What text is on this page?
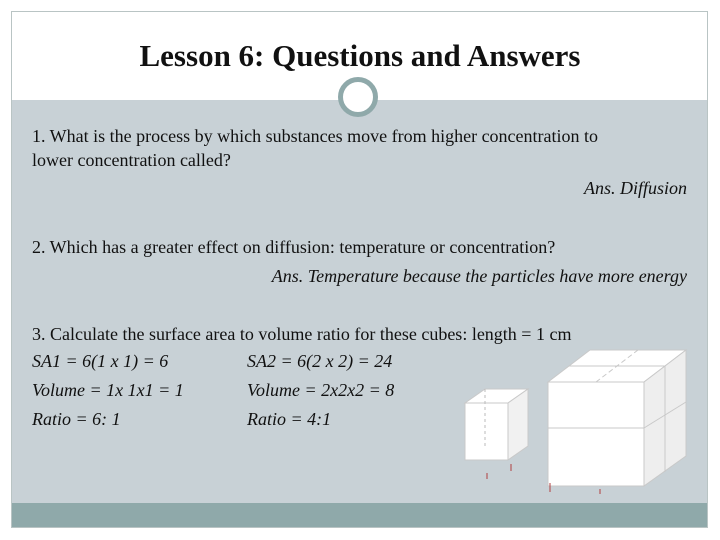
Lesson 6: Questions and Answers

1. What is the process by which substances move from higher concentration to lower concentration called?

Ans. Diffusion

2. Which has a greater effect on diffusion: temperature or concentration?

Ans. Temperature because the particles have more energy

3. Calculate the surface area to volume ratio for these cubes: length = 1 cm

SA1 = 6(1 x 1) = 6	SA2 = 6(2 x 2) = 24
Volume = 1x 1x1 = 1	Volume = 2x2x2 = 8
Ratio = 6: 1	Ratio = 4:1
